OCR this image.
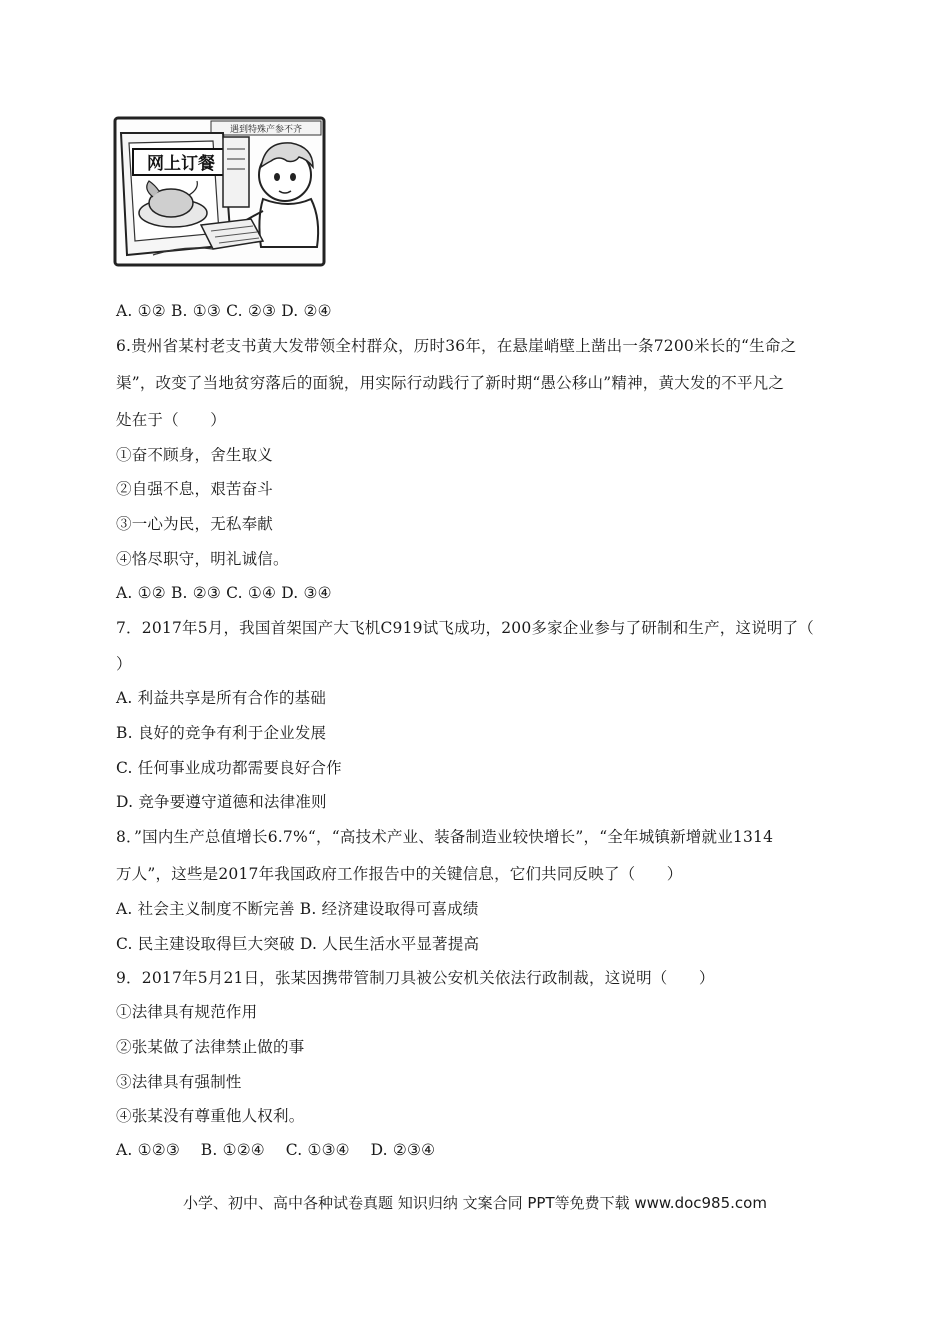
遇到特殊产参不齐
网上订餐
A. ①② B. ①③ C. ②③ D. ②④
6.贵州省某村老支书黄大发带领全村群众，历时36年，在悬崖峭壁上凿出一条7200米长的“生命之
渠”，改变了当地贫穷落后的面貌，用实际行动践行了新时期“愚公移山”精神，黄大发的不平凡之
处在于（　　）
①奋不顾身，舍生取义
②自强不息，艰苦奋斗
③一心为民，无私奉献
④恪尽职守，明礼诚信。
A. ①② B. ②③ C. ①④ D. ③④
7．2017年5月，我国首架国产大飞机C919试飞成功，200多家企业参与了研制和生产，这说明了（
）
A. 利益共享是所有合作的基础
B. 良好的竞争有利于企业发展
C. 任何事业成功都需要良好合作
D. 竞争要遵守道德和法律准则
8．”国内生产总值增长6.7%“，“高技术产业、装备制造业较快增长”，“全年城镇新增就业1314
万人”，这些是2017年我国政府工作报告中的关键信息，它们共同反映了（　　）
A. 社会主义制度不断完善 B. 经济建设取得可喜成绩
C. 民主建设取得巨大突破 D. 人民生活水平显著提高
9．2017年5月21日，张某因携带管制刀具被公安机关依法行政制裁，这说明（　　）
①法律具有规范作用
②张某做了法律禁止做的事
③法律具有强制性
④张某没有尊重他人权利。
A. ①②③　 B. ①②④　 C. ①③④　 D. ②③④
小学、初中、高中各种试卷真题 知识归纳 文案合同 PPT等免费下载 www.doc985.com
